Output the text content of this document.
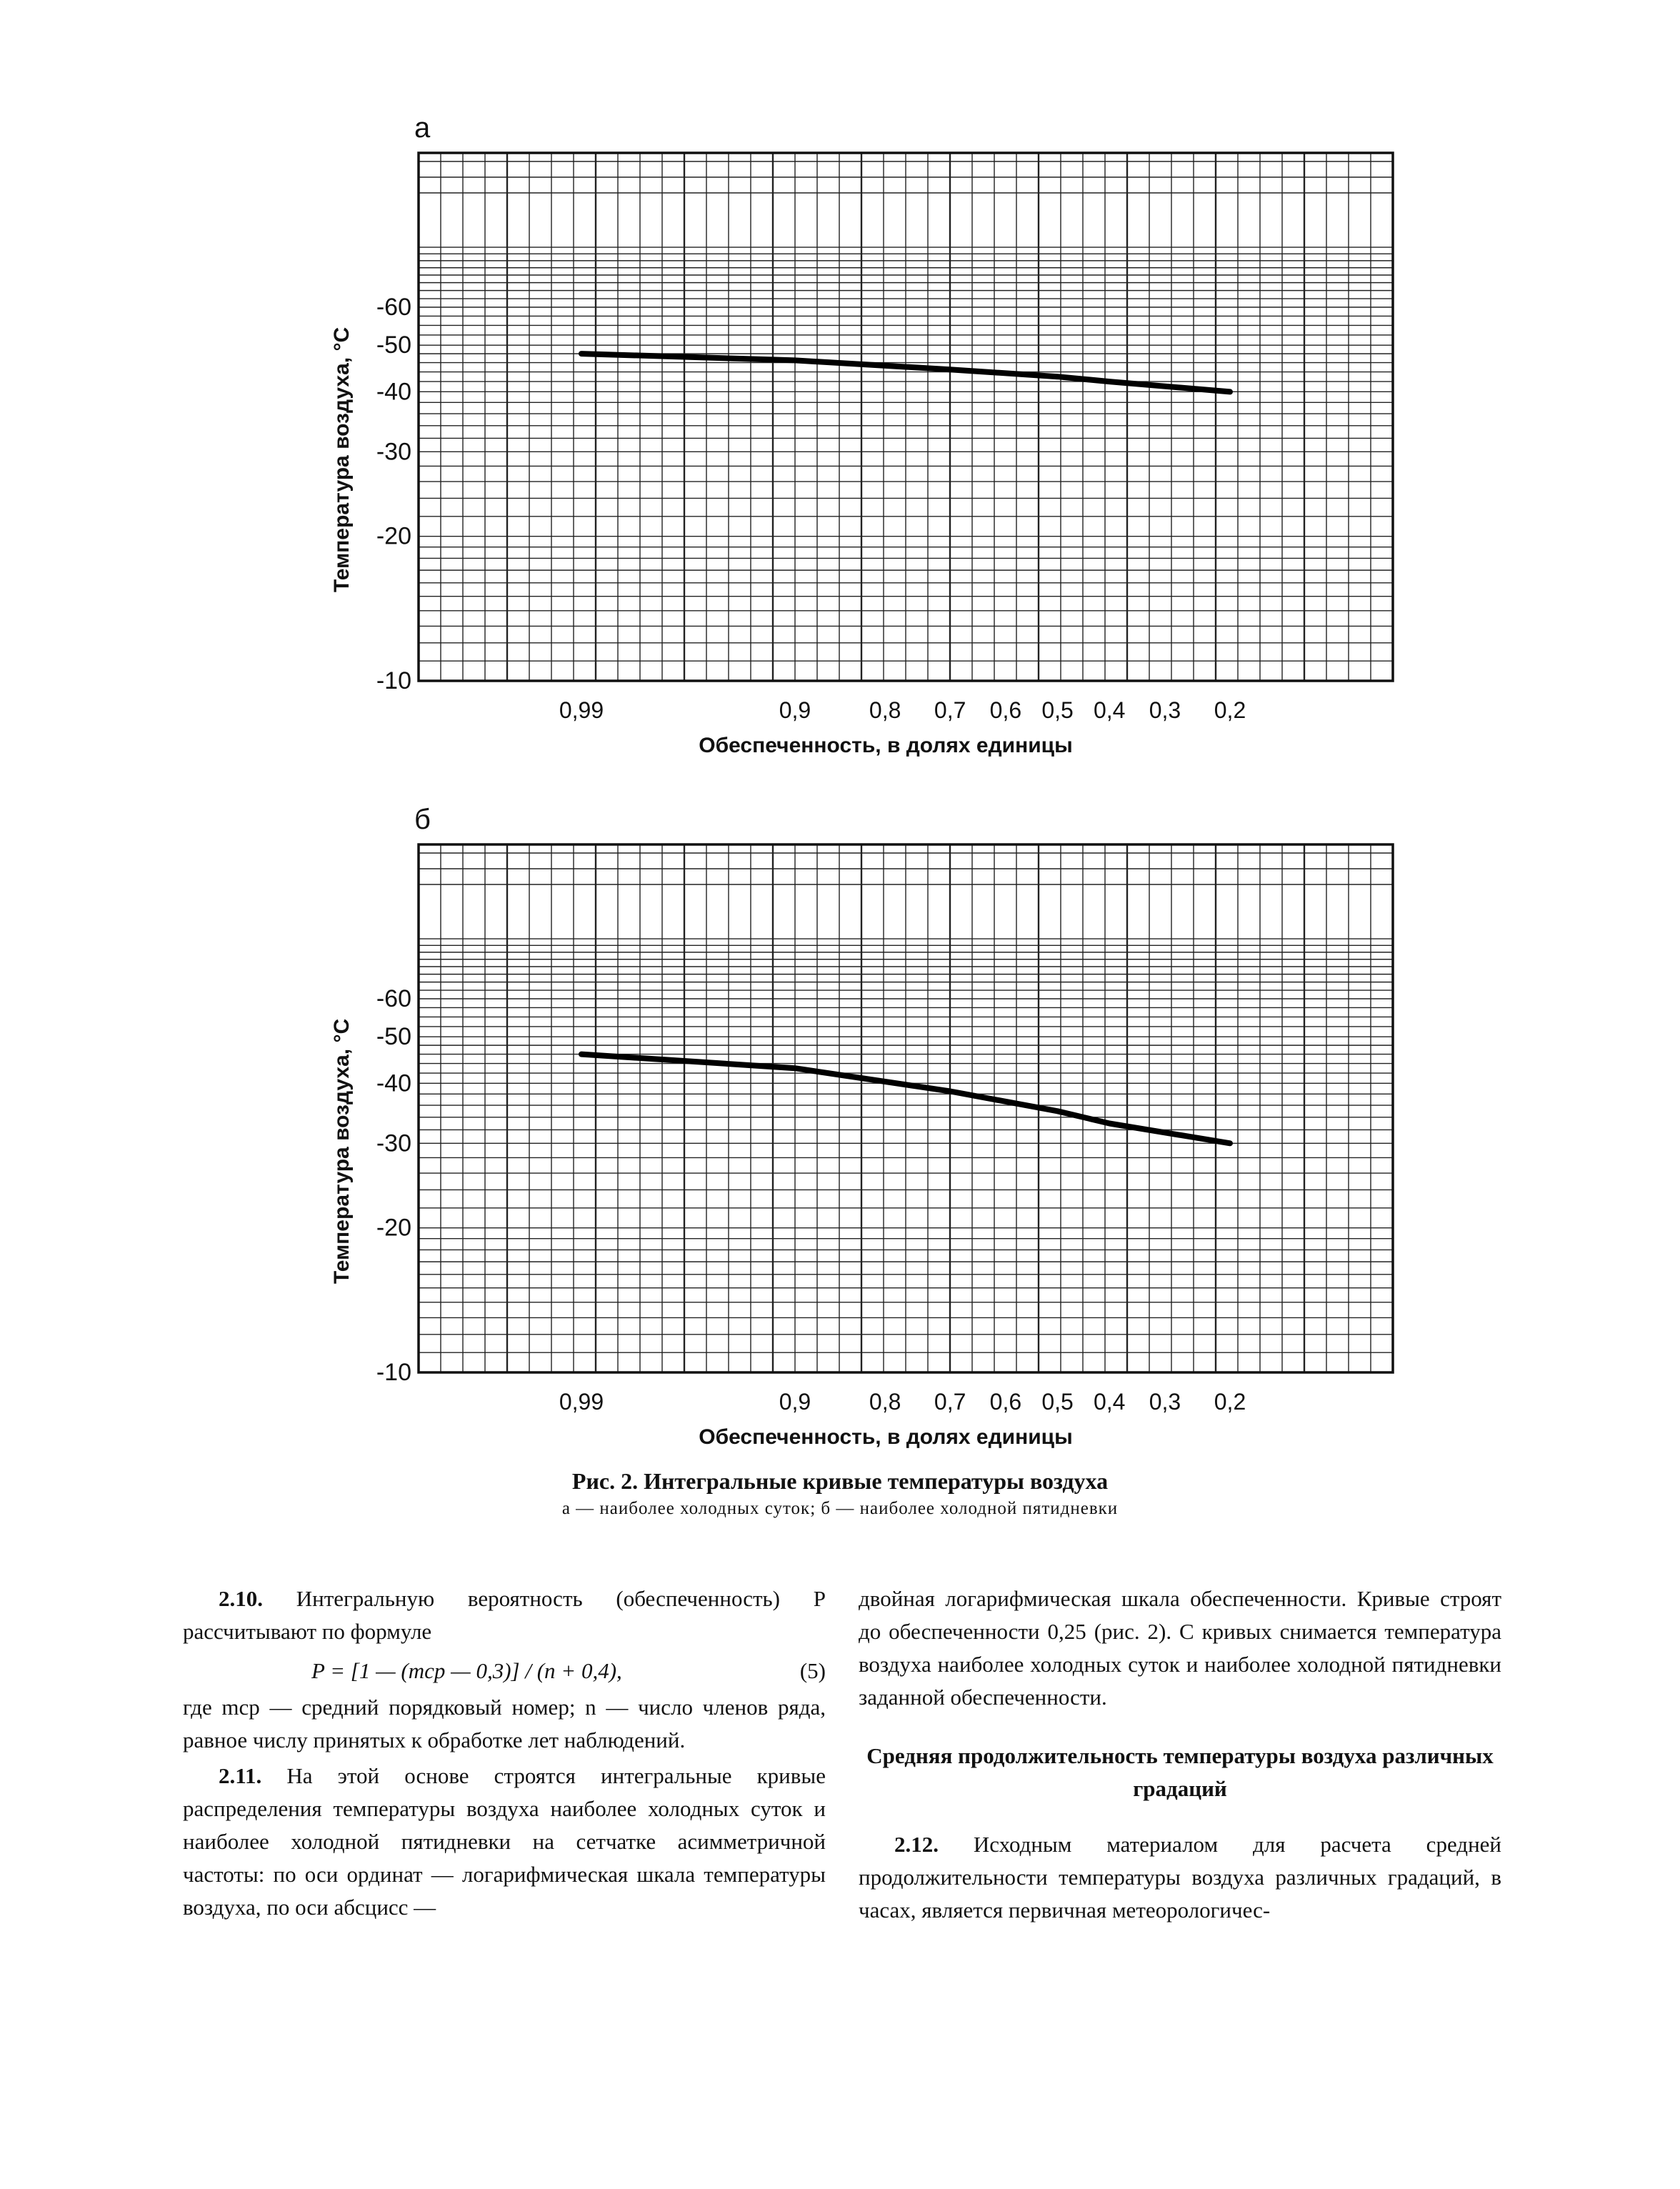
а
-60
-50
-40
-30
-20
-10
0,99	0,9	0,8 0,7 0,6 0,5 0,4 0,3 0,2
Обеспеченность, в долях единицы
Температура воздуха, °С
б
-60
-50
-40
-30
-20
-10
0,99	0,9	0,8 0,7 0,6 0,5 0,4 0,3 0,2
Обеспеченность, в долях единицы
Температура воздуха, °С
Рис. 2. Интегральные кривые температуры воздуха
а — наиболее холодных суток; б — наиболее холодной пятидневки

2.10. Интегральную вероятность (обеспеченность) P рассчитывают по формуле

P = [1 — (mср — 0,3)] / (n + 0,4),	(5)

где mср — средний порядковый номер; n — число членов ряда, равное числу принятых к обработке лет наблюдений.

2.11. На этой основе строятся интегральные кривые распределения температуры воздуха наиболее холодных суток и наиболее холодной пятидневки на сетчатке асимметричной частоты: по оси ординат — логарифмическая шкала температуры воздуха, по оси абсцисс —

двойная логарифмическая шкала обеспеченности. Кривые строят до обеспеченности 0,25 (рис. 2). С кривых снимается температура воздуха наиболее холодных суток и наиболее холодной пятидневки заданной обеспеченности.

Средняя продолжительность температуры воздуха различных градаций

2.12. Исходным материалом для расчета средней продолжительности температуры воздуха различных градаций, в часах, является первичная метеорологичес-
